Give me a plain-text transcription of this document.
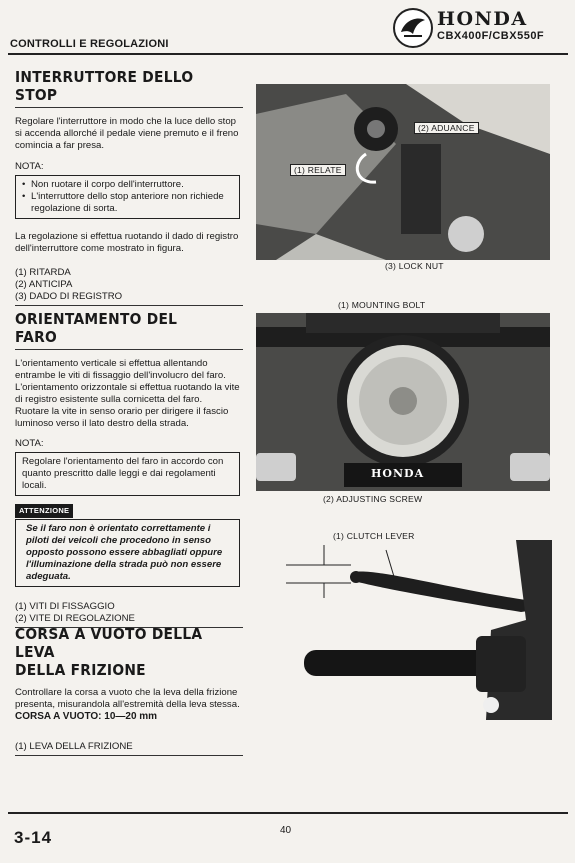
CONTROLLI E REGOLAZIONI
HONDA
CBX400F/CBX550F
INTERRUTTORE DELLO STOP

Regolare l'interruttore in modo che la luce dello stop si accenda allorché il pedale viene premuto e il freno comincia a far presa.

NOTA:

• Non ruotare il corpo dell'interruttore.
• L'interruttore dello stop anteriore non richiede regolazione di sorta.

La regolazione si effettua ruotando il dado di registro dell'interruttore come mostrato in figura.

(1) RITARDA
(2) ANTICIPA
(3) DADO DI REGISTRO
(2) ADUANCE
(1) RELATE
(3) LOCK NUT
ORIENTAMENTO DEL FARO

L'orientamento verticale si effettua allentando entrambe le viti di fissaggio dell'involucro del faro.

L'orientamento orizzontale si effettua ruotando la vite di registro esistente sulla cornicetta del faro.

Ruotare la vite in senso orario per dirigere il fascio luminoso verso il lato destro della strada.

NOTA:

Regolare l'orientamento del faro in accordo con quanto prescritto dalle leggi e dai regolamenti locali.

ATTENZIONE

Se il faro non è orientato correttamente i piloti dei veicoli che procedono in senso opposto possono essere abbagliati oppure l'illuminazione della strada può non essere adeguata.

(1) VITI DI FISSAGGIO
(2) VITE DI REGOLAZIONE
(1) MOUNTING BOLT
HONDA
(2) ADJUSTING SCREW
CORSA A VUOTO DELLA LEVA
DELLA FRIZIONE

Controllare la corsa a vuoto che la leva della frizione presenta, misurandola all'estremità della leva stessa.

CORSA A VUOTO: 10—20 mm

(1) LEVA DELLA FRIZIONE
(1) CLUTCH LEVER
3-14	40
